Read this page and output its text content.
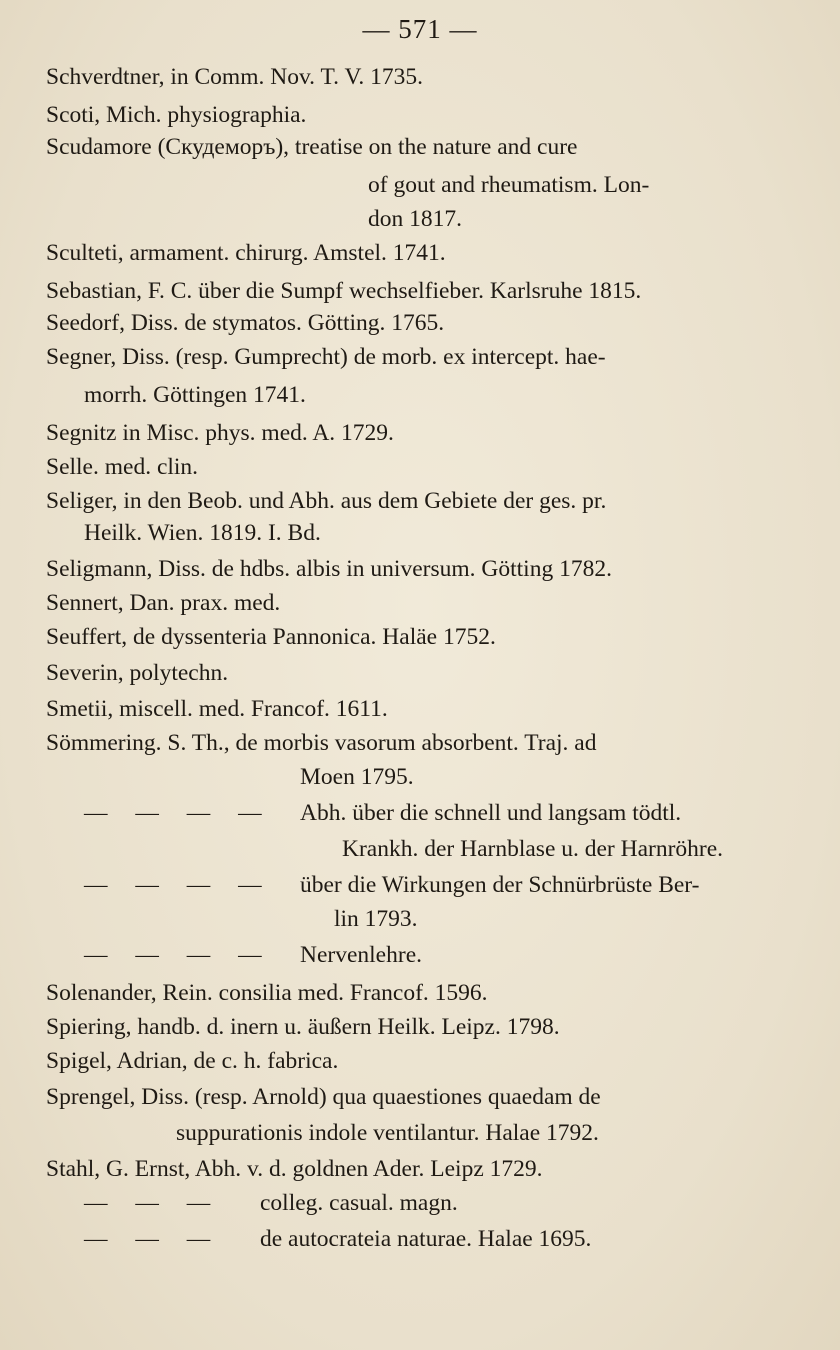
— 571 —
Schverdtner, in Comm. Nov. T. V. 1735.
Scoti, Mich. physiographia.
Scudamore (Скудеморъ), treatise on the nature and cure
of gout and rheumatism. Lon-
don 1817.
Sculteti, armament. chirurg. Amstel. 1741.
Sebastian, F. C. über die Sumpf wechselfieber. Karlsruhe 1815.
Seedorf, Diss. de stymatos. Götting. 1765.
Segner, Diss. (resp. Gumprecht) de morb. ex intercept. hae-
morrh. Göttingen 1741.
Segnitz in Misc. phys. med. A. 1729.
Selle. med. clin.
Seliger, in den Beob. und Abh. aus dem Gebiete der ges. pr.
Heilk. Wien. 1819. I. Bd.
Seligmann, Diss. de hdbs. albis in universum. Götting 1782.
Sennert, Dan. prax. med.
Seuffert, de dyssenteria Pannonica. Haläe 1752.
Severin, polytechn.
Smetii, miscell. med. Francof. 1611.
Sömmering. S. Th., de morbis vasorum absorbent. Traj. ad
Moen 1795.
— — — — Abh. über die schnell und langsam tödtl.
Krankh. der Harnblase u. der Harnröhre.
— — — — über die Wirkungen der Schnürbrüste Ber-
lin 1793.
— — — — Nervenlehre.
Solenander, Rein. consilia med. Francof. 1596.
Spiering, handb. d. inern u. äußern Heilk. Leipz. 1798.
Spigel, Adrian, de c. h. fabrica.
Sprengel, Diss. (resp. Arnold) qua quaestiones quaedam de
suppurationis indole ventilantur. Halae 1792.
Stahl, G. Ernst, Abh. v. d. goldnen Ader. Leipz 1729.
— — — colleg. casual. magn.
— — — de autocrateia naturae. Halae 1695.
